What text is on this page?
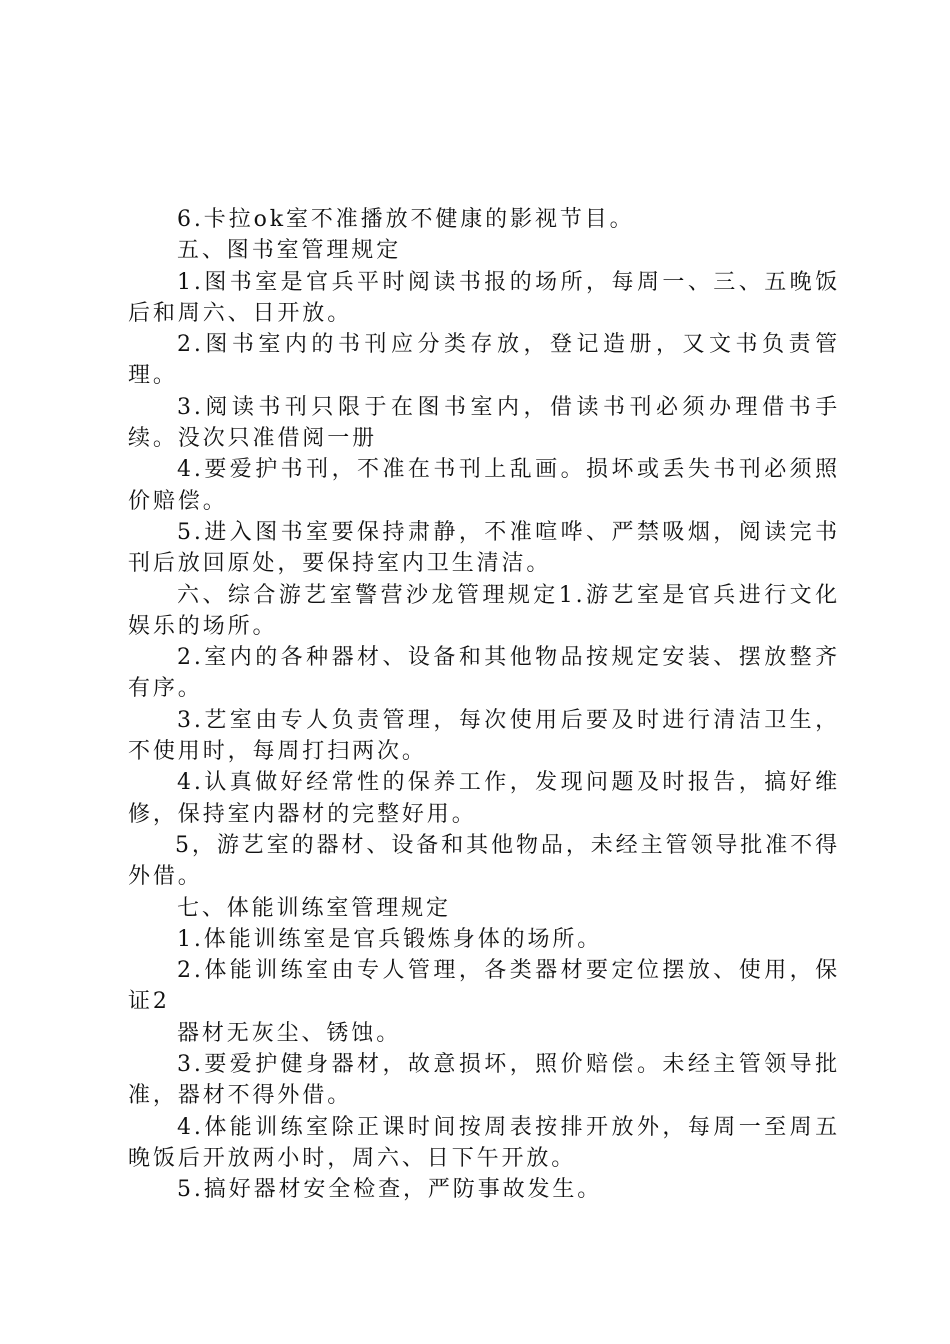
6.卡拉ok室不准播放不健康的影视节目。

五、图书室管理规定

1.图书室是官兵平时阅读书报的场所，每周一、三、五晚饭后和周六、日开放。

2.图书室内的书刊应分类存放，登记造册，又文书负责管理。

3.阅读书刊只限于在图书室内，借读书刊必须办理借书手续。没次只准借阅一册

4.要爱护书刊，不准在书刊上乱画。损坏或丢失书刊必须照价赔偿。

5.进入图书室要保持肃静，不准喧哗、严禁吸烟，阅读完书刊后放回原处，要保持室内卫生清洁。

六、综合游艺室警营沙龙管理规定1.游艺室是官兵进行文化娱乐的场所。

2.室内的各种器材、设备和其他物品按规定安装、摆放整齐有序。

3.艺室由专人负责管理，每次使用后要及时进行清洁卫生，不使用时，每周打扫两次。

4.认真做好经常性的保养工作，发现问题及时报告，搞好维修，保持室内器材的完整好用。

5，游艺室的器材、设备和其他物品，未经主管领导批准不得外借。

七、体能训练室管理规定

1.体能训练室是官兵锻炼身体的场所。

2.体能训练室由专人管理，各类器材要定位摆放、使用，保证2

器材无灰尘、锈蚀。

3.要爱护健身器材，故意损坏，照价赔偿。未经主管领导批准，器材不得外借。

4.体能训练室除正课时间按周表按排开放外，每周一至周五晚饭后开放两小时，周六、日下午开放。

5.搞好器材安全检查，严防事故发生。
